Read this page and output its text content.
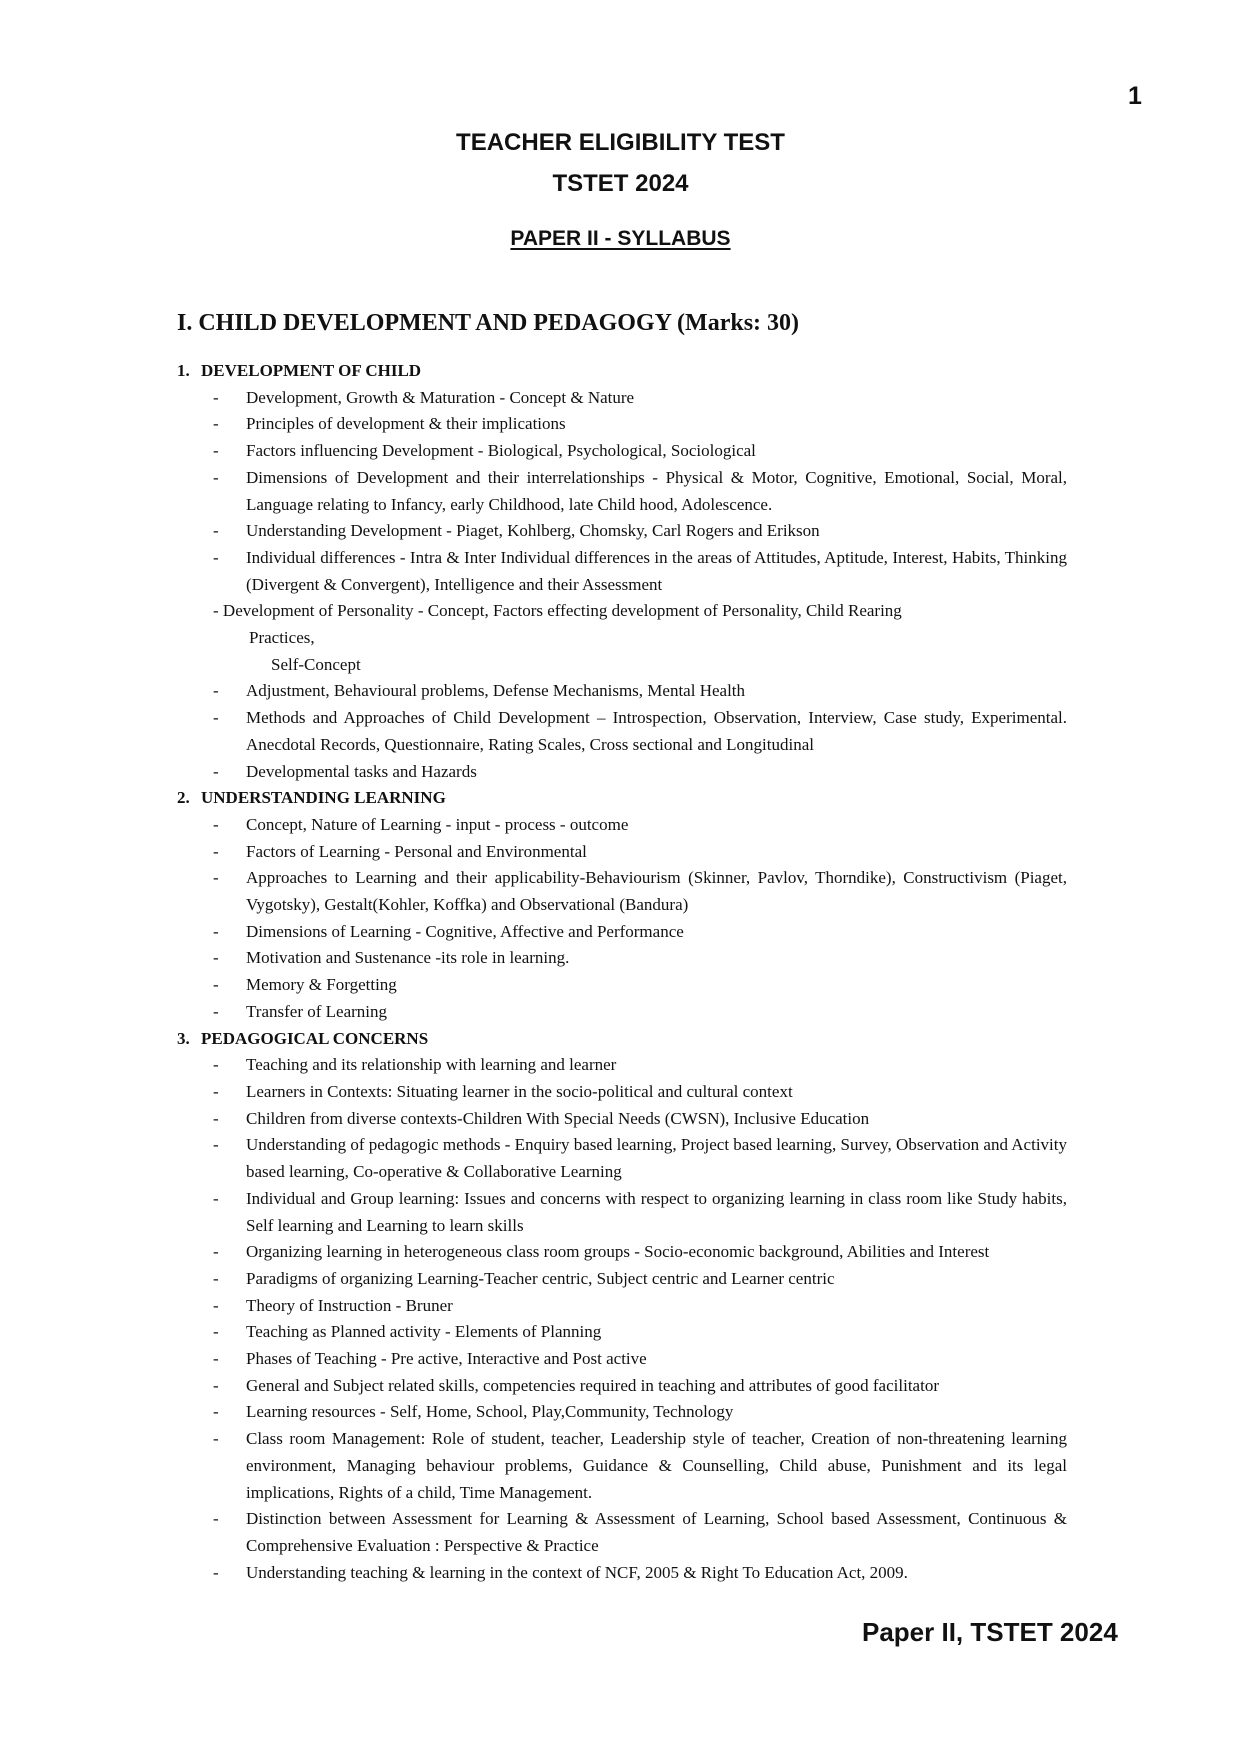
1
TEACHER ELIGIBILITY TEST
TSTET 2024
PAPER II - SYLLABUS
I. CHILD DEVELOPMENT AND PEDAGOGY (Marks: 30)
1. DEVELOPMENT OF CHILD
- Development, Growth & Maturation - Concept & Nature
- Principles of development & their implications
- Factors influencing Development - Biological, Psychological, Sociological
- Dimensions of Development and their interrelationships - Physical & Motor, Cognitive, Emotional, Social, Moral, Language relating to Infancy, early Childhood, late Child hood, Adolescence.
- Understanding Development - Piaget, Kohlberg, Chomsky, Carl Rogers and Erikson
- Individual differences - Intra & Inter Individual differences in the areas of Attitudes, Aptitude, Interest, Habits, Thinking (Divergent & Convergent), Intelligence and their Assessment
- Development of Personality - Concept, Factors effecting development of Personality, Child Rearing
Practices,
Self-Concept
- Adjustment, Behavioural problems, Defense Mechanisms, Mental Health
- Methods and Approaches of Child Development – Introspection, Observation, Interview, Case study, Experimental. Anecdotal Records, Questionnaire, Rating Scales, Cross sectional and Longitudinal
- Developmental tasks and Hazards
2. UNDERSTANDING LEARNING
- Concept, Nature of Learning - input - process - outcome
- Factors of Learning - Personal and Environmental
- Approaches to Learning and their applicability-Behaviourism (Skinner, Pavlov, Thorndike), Constructivism (Piaget, Vygotsky), Gestalt(Kohler, Koffka) and Observational (Bandura)
- Dimensions of Learning - Cognitive, Affective and Performance
- Motivation and Sustenance -its role in learning.
- Memory & Forgetting
- Transfer of Learning
3. PEDAGOGICAL CONCERNS
- Teaching and its relationship with learning and learner
- Learners in Contexts: Situating learner in the socio-political and cultural context
- Children from diverse contexts-Children With Special Needs (CWSN), Inclusive Education
- Understanding of pedagogic methods - Enquiry based learning, Project based learning, Survey, Observation and Activity based learning, Co-operative & Collaborative Learning
- Individual and Group learning: Issues and concerns with respect to organizing learning in class room like Study habits, Self learning and Learning to learn skills
- Organizing learning in heterogeneous class room groups - Socio-economic background, Abilities and Interest
- Paradigms of organizing Learning-Teacher centric, Subject centric and Learner centric
- Theory of Instruction - Bruner
- Teaching as Planned activity - Elements of Planning
- Phases of Teaching - Pre active, Interactive and Post active
- General and Subject related skills, competencies required in teaching and attributes of good facilitator
- Learning resources - Self, Home, School, Play,Community, Technology
- Class room Management: Role of student, teacher, Leadership style of teacher, Creation of non-threatening learning environment, Managing behaviour problems, Guidance & Counselling, Child abuse, Punishment and its legal implications, Rights of a child, Time Management.
- Distinction between Assessment for Learning & Assessment of Learning, School based Assessment, Continuous & Comprehensive Evaluation : Perspective & Practice
- Understanding teaching & learning in the context of NCF, 2005 & Right To Education Act, 2009.
Paper II, TSTET 2024
